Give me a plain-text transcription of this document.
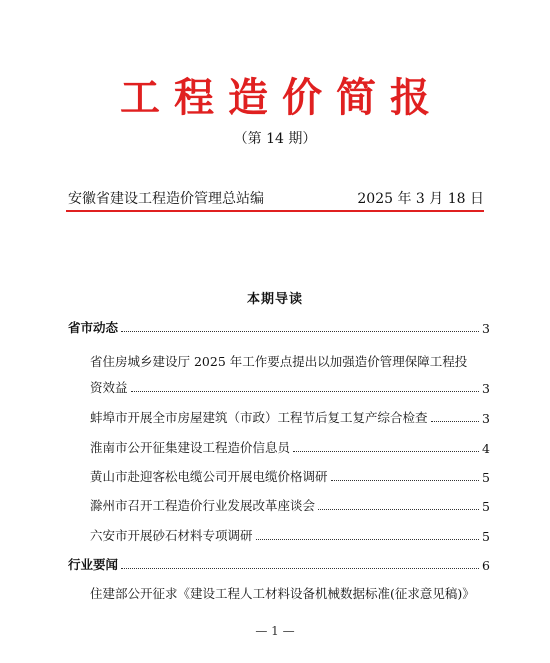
工程造价简报
（第 14 期）
安徽省建设工程造价管理总站编	2025 年 3 月 18 日
本期导读
省市动态	3
省住房城乡建设厅 2025 年工作要点提出以加强造价管理保障工程投
资效益	3
蚌埠市开展全市房屋建筑（市政）工程节后复工复产综合检查	3
淮南市公开征集建设工程造价信息员	4
黄山市赴迎客松电缆公司开展电缆价格调研	5
滁州市召开工程造价行业发展改革座谈会	5
六安市开展砂石材料专项调研	5
行业要闻	6
住建部公开征求《建设工程人工材料设备机械数据标准(征求意见稿)》
— 1 —
